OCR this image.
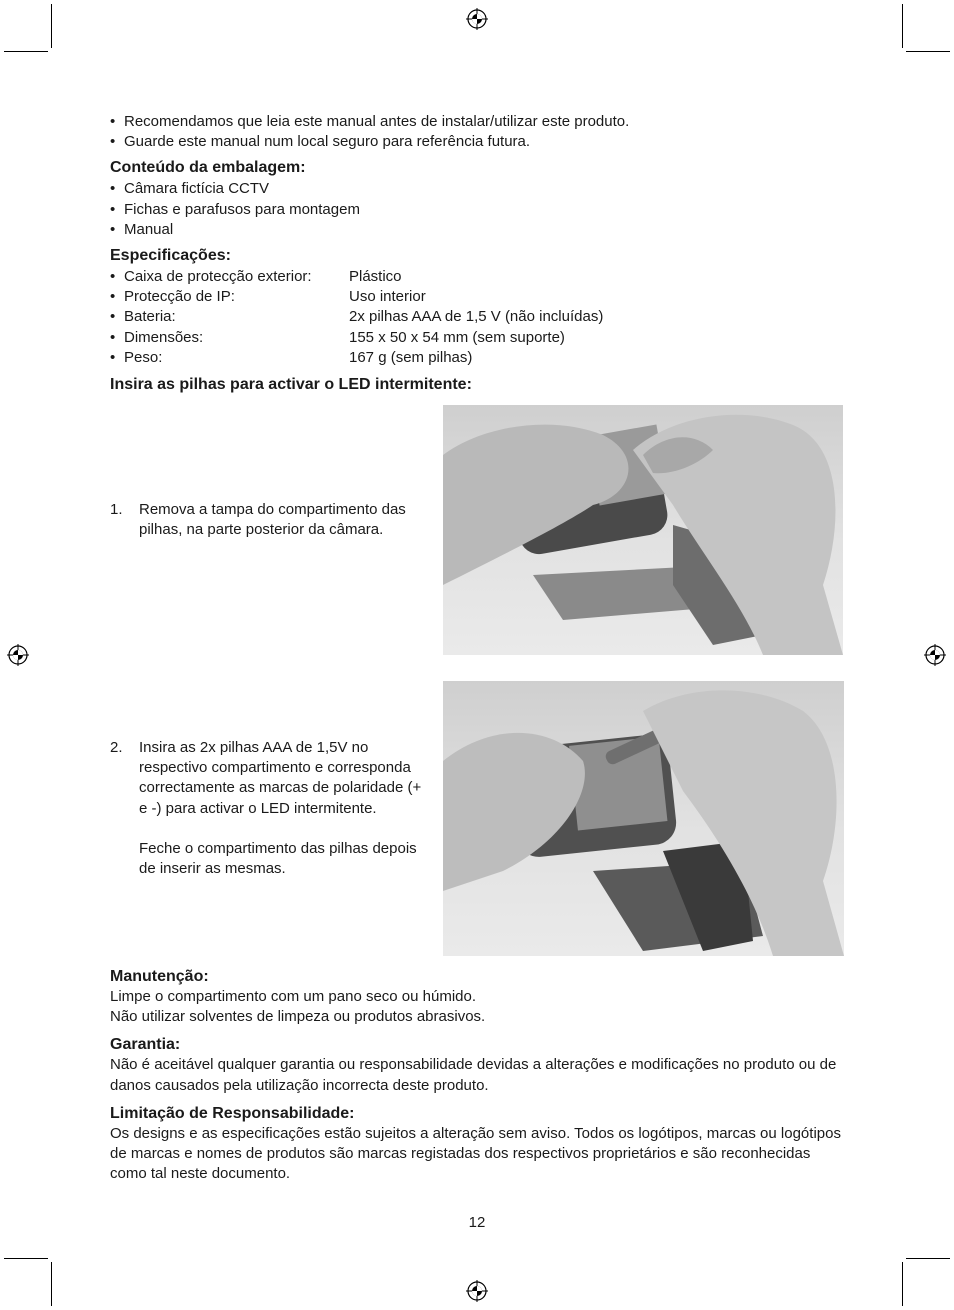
• Recomendamos que leia este manual antes de instalar/utilizar este produto.
• Guarde este manual num local seguro para referência futura.
Conteúdo da embalagem:
• Câmara fictícia CCTV
• Fichas e parafusos para montagem
• Manual
Especificações:
• Caixa de protecção exterior:	Plástico
• Protecção de IP:	Uso interior
• Bateria:	2x pilhas AAA de 1,5 V (não incluídas)
• Dimensões:	155 x 50 x 54 mm (sem suporte)
• Peso:	167 g (sem pilhas)
Insira as pilhas para activar o LED intermitente:
1.	Remova a tampa do compartimento das pilhas, na parte posterior da câmara.
2.	Insira as 2x pilhas AAA de 1,5V no respectivo compartimento e corresponda correctamente as marcas de polaridade (+ e -) para activar o LED intermitente.

Feche o compartimento das pilhas depois de inserir as mesmas.
Manutenção:

Limpe o compartimento com um pano seco ou húmido.

Não utilizar solventes de limpeza ou produtos abrasivos.

Garantia:

Não é aceitável qualquer garantia ou responsabilidade devidas a alterações e modificações no produto ou de danos causados pela utilização incorrecta deste produto.

Limitação de Responsabilidade:

Os designs e as especificações estão sujeitos a alteração sem aviso. Todos os logótipos, marcas ou logótipos de marcas e nomes de produtos são marcas registadas dos respectivos proprietários e são reconhecidas como tal neste documento.

12
